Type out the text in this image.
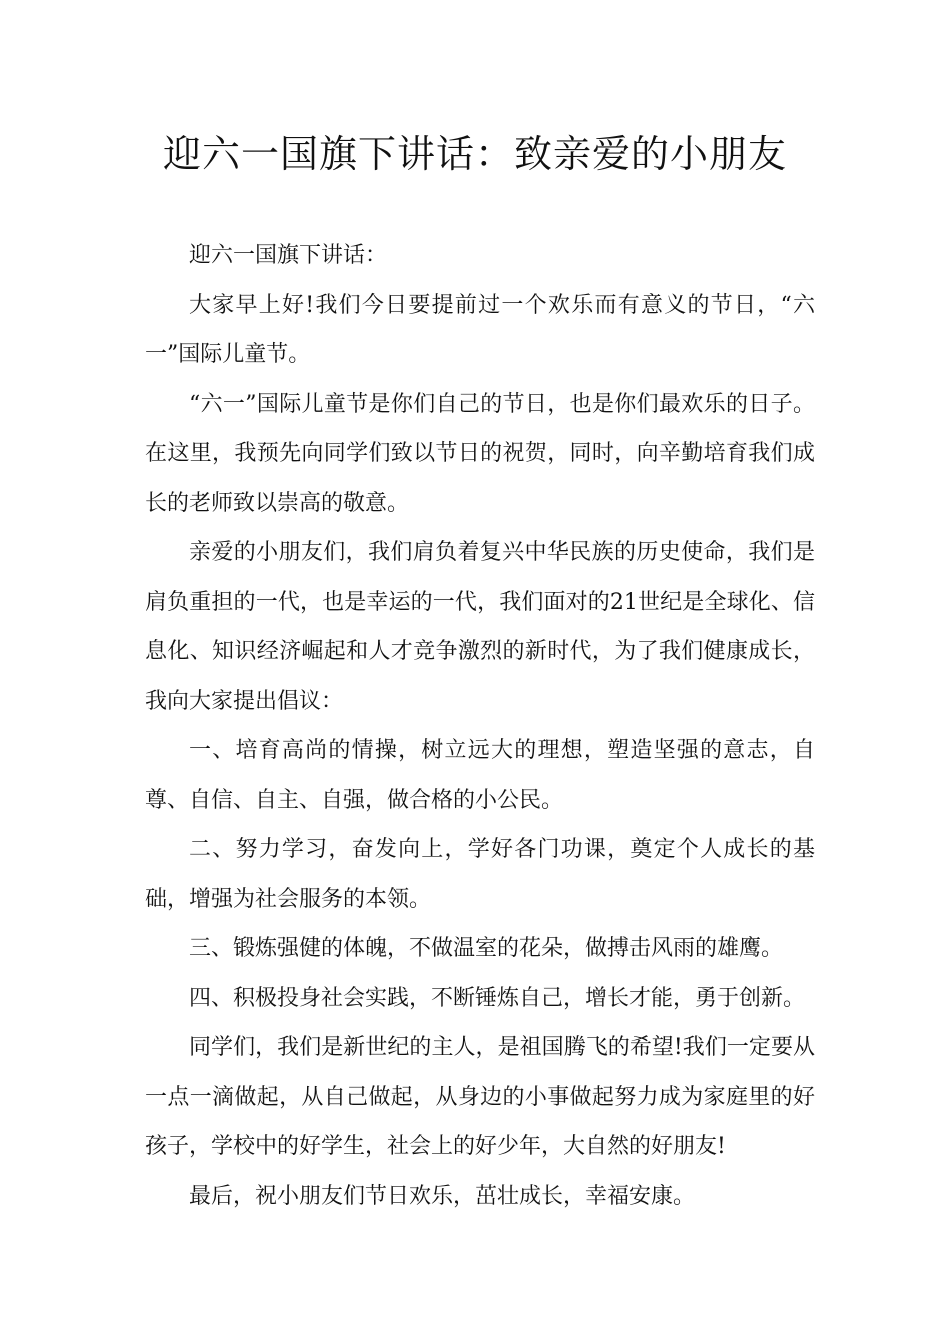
迎六一国旗下讲话：致亲爱的小朋友

迎六一国旗下讲话：

大家早上好!我们今日要提前过一个欢乐而有意义的节日，“六一”国际儿童节。

“六一”国际儿童节是你们自己的节日，也是你们最欢乐的日子。在这里，我预先向同学们致以节日的祝贺，同时，向辛勤培育我们成长的老师致以崇高的敬意。

亲爱的小朋友们，我们肩负着复兴中华民族的历史使命，我们是肩负重担的一代，也是幸运的一代，我们面对的21世纪是全球化、信息化、知识经济崛起和人才竞争激烈的新时代，为了我们健康成长，我向大家提出倡议：

一、培育高尚的情操，树立远大的理想，塑造坚强的意志，自尊、自信、自主、自强，做合格的小公民。

二、努力学习，奋发向上，学好各门功课，奠定个人成长的基础，增强为社会服务的本领。

三、锻炼强健的体魄，不做温室的花朵，做搏击风雨的雄鹰。

四、积极投身社会实践，不断锤炼自己，增长才能，勇于创新。

同学们，我们是新世纪的主人，是祖国腾飞的希望!我们一定要从一点一滴做起，从自己做起，从身边的小事做起努力成为家庭里的好孩子，学校中的好学生，社会上的好少年，大自然的好朋友!

最后，祝小朋友们节日欢乐，茁壮成长，幸福安康。
